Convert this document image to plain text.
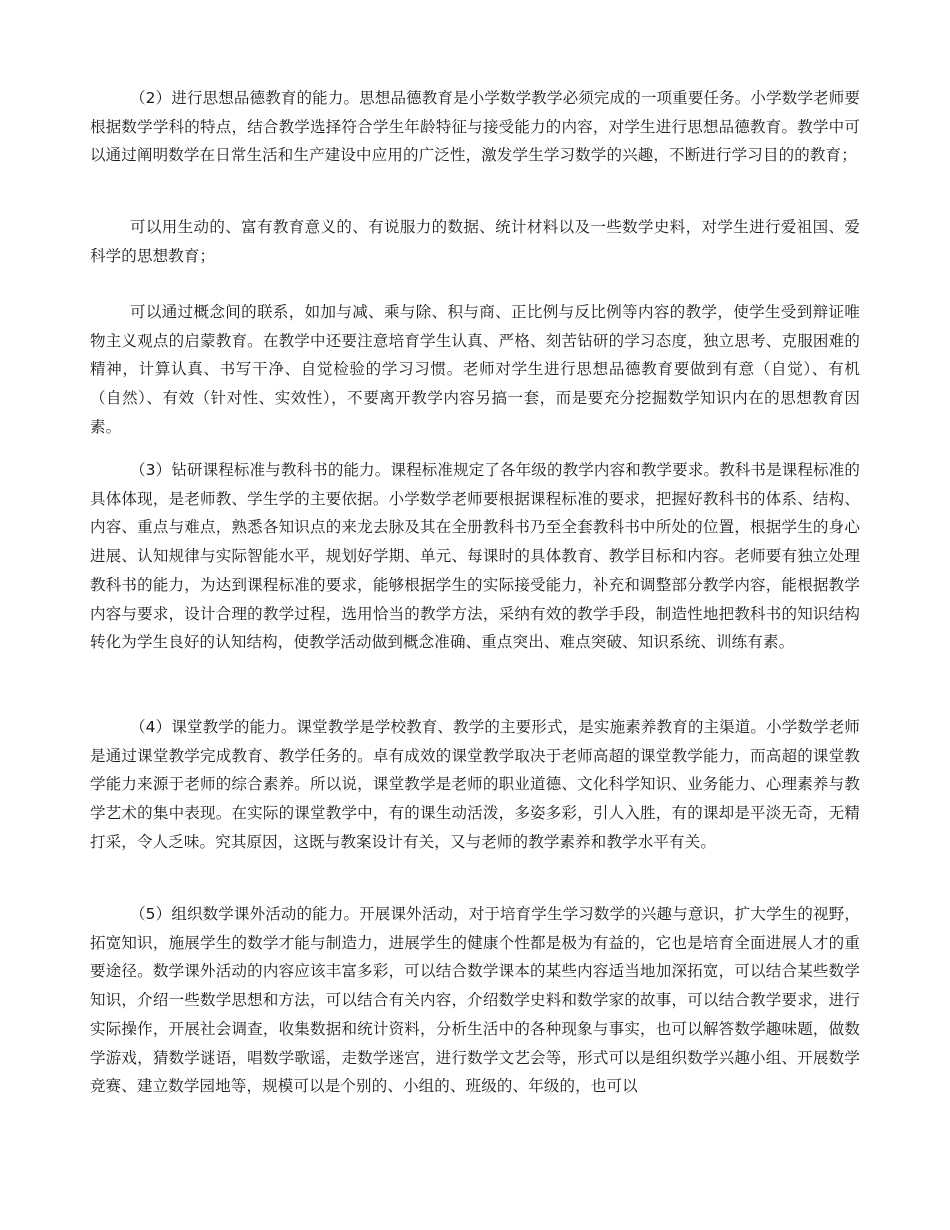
（2）进行思想品德教育的能力。思想品德教育是小学数学教学必须完成的一项重要任务。小学数学老师要根据数学学科的特点，结合教学选择符合学生年龄特征与接受能力的内容，对学生进行思想品德教育。教学中可以通过阐明数学在日常生活和生产建设中应用的广泛性，激发学生学习数学的兴趣，不断进行学习目的的教育；

可以用生动的、富有教育意义的、有说服力的数据、统计材料以及一些数学史料，对学生进行爱祖国、爱科学的思想教育；

可以通过概念间的联系，如加与减、乘与除、积与商、正比例与反比例等内容的教学，使学生受到辩证唯物主义观点的启蒙教育。在教学中还要注意培育学生认真、严格、刻苦钻研的学习态度，独立思考、克服困难的精神，计算认真、书写干净、自觉检验的学习习惯。老师对学生进行思想品德教育要做到有意（自觉）、有机（自然）、有效（针对性、实效性），不要离开教学内容另搞一套，而是要充分挖掘数学知识内在的思想教育因素。

（3）钻研课程标准与教科书的能力。课程标准规定了各年级的教学内容和教学要求。教科书是课程标准的具体体现，是老师教、学生学的主要依据。小学数学老师要根据课程标准的要求，把握好教科书的体系、结构、内容、重点与难点，熟悉各知识点的来龙去脉及其在全册教科书乃至全套教科书中所处的位置，根据学生的身心进展、认知规律与实际智能水平，规划好学期、单元、每课时的具体教育、教学目标和内容。老师要有独立处理教科书的能力，为达到课程标准的要求，能够根据学生的实际接受能力，补充和调整部分教学内容，能根据教学内容与要求，设计合理的教学过程，选用恰当的教学方法，采纳有效的教学手段，制造性地把教科书的知识结构转化为学生良好的认知结构，使教学活动做到概念准确、重点突出、难点突破、知识系统、训练有素。

（4）课堂教学的能力。课堂教学是学校教育、教学的主要形式，是实施素养教育的主渠道。小学数学老师是通过课堂教学完成教育、教学任务的。卓有成效的课堂教学取决于老师高超的课堂教学能力，而高超的课堂教学能力来源于老师的综合素养。所以说，课堂教学是老师的职业道德、文化科学知识、业务能力、心理素养与教学艺术的集中表现。在实际的课堂教学中，有的课生动活泼，多姿多彩，引人入胜，有的课却是平淡无奇，无精打采，令人乏味。究其原因，这既与教案设计有关，又与老师的教学素养和教学水平有关。

（5）组织数学课外活动的能力。开展课外活动，对于培育学生学习数学的兴趣与意识，扩大学生的视野，拓宽知识，施展学生的数学才能与制造力，进展学生的健康个性都是极为有益的，它也是培育全面进展人才的重要途径。数学课外活动的内容应该丰富多彩，可以结合数学课本的某些内容适当地加深拓宽，可以结合某些数学知识，介绍一些数学思想和方法，可以结合有关内容，介绍数学史料和数学家的故事，可以结合教学要求，进行实际操作，开展社会调查，收集数据和统计资料，分析生活中的各种现象与事实，也可以解答数学趣味题，做数学游戏，猜数学谜语，唱数学歌谣，走数学迷宫，进行数学文艺会等，形式可以是组织数学兴趣小组、开展数学竞赛、建立数学园地等，规模可以是个别的、小组的、班级的、年级的，也可以
